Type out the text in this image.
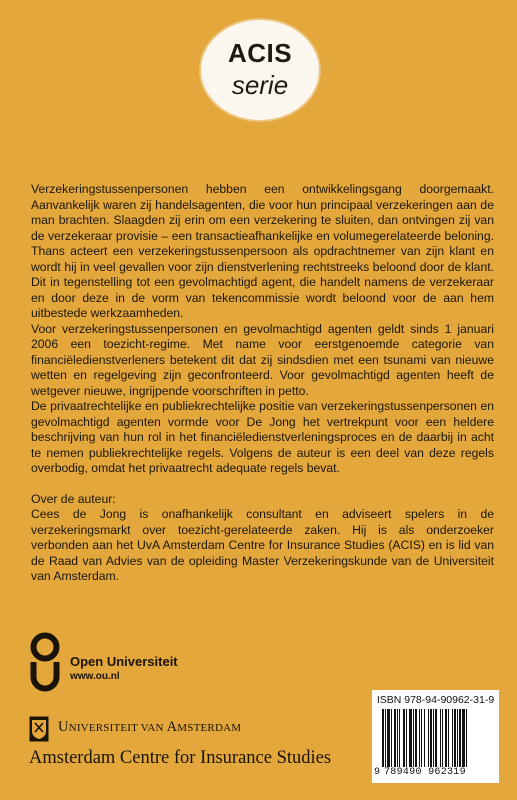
ACIS
serie

Verzekeringstussenpersonen hebben een ontwikkelingsgang doorgemaakt. Aanvankelijk waren zij handelsagenten, die voor hun principaal verzekeringen aan de man brachten. Slaagden zij erin om een verzekering te sluiten, dan ontvingen zij van de verzekeraar provisie – een transactieafhankelijke en volumegerelateerde beloning. Thans acteert een verzekeringstussenpersoon als opdrachtnemer van zijn klant en wordt hij in veel gevallen voor zijn dienstverlening rechtstreeks beloond door de klant. Dit in tegenstelling tot een gevolmachtigd agent, die handelt namens de verzekeraar en door deze in de vorm van tekencommissie wordt beloond voor de aan hem uitbestede werkzaamheden.

Voor verzekeringstussenpersonen en gevolmachtigd agenten geldt sinds 1 januari 2006 een toezicht-regime. Met name voor eerstgenoemde categorie van financiëledienstverleners betekent dit dat zij sindsdien met een tsunami van nieuwe wetten en regelgeving zijn geconfronteerd. Voor gevolmachtigd agenten heeft de wetgever nieuwe, ingrijpende voorschriften in petto.

De privaatrechtelijke en publiekrechtelijke positie van verzekeringstussenpersonen en gevolmachtigd agenten vormde voor De Jong het vertrekpunt voor een heldere beschrijving van hun rol in het financiëledienstverleningsproces en de daarbij in acht te nemen publiekrechtelijke regels. Volgens de auteur is een deel van deze regels overbodig, omdat het privaatrecht adequate regels bevat.

Over de auteur:

Cees de Jong is onafhankelijk consultant en adviseert spelers in de verzekeringsmarkt over toezicht-gerelateerde zaken. Hij is als onderzoeker verbonden aan het UvA Amsterdam Centre for Insurance Studies (ACIS) en is lid van de Raad van Advies van de opleiding Master Verzekeringskunde van de Universiteit van Amsterdam.

Open Universiteit
www.ou.nl
UNIVERSITEIT VAN AMSTERDAM
Amsterdam Centre for Insurance Studies
ISBN 978-94-90962-31-9
9 789490 962319
